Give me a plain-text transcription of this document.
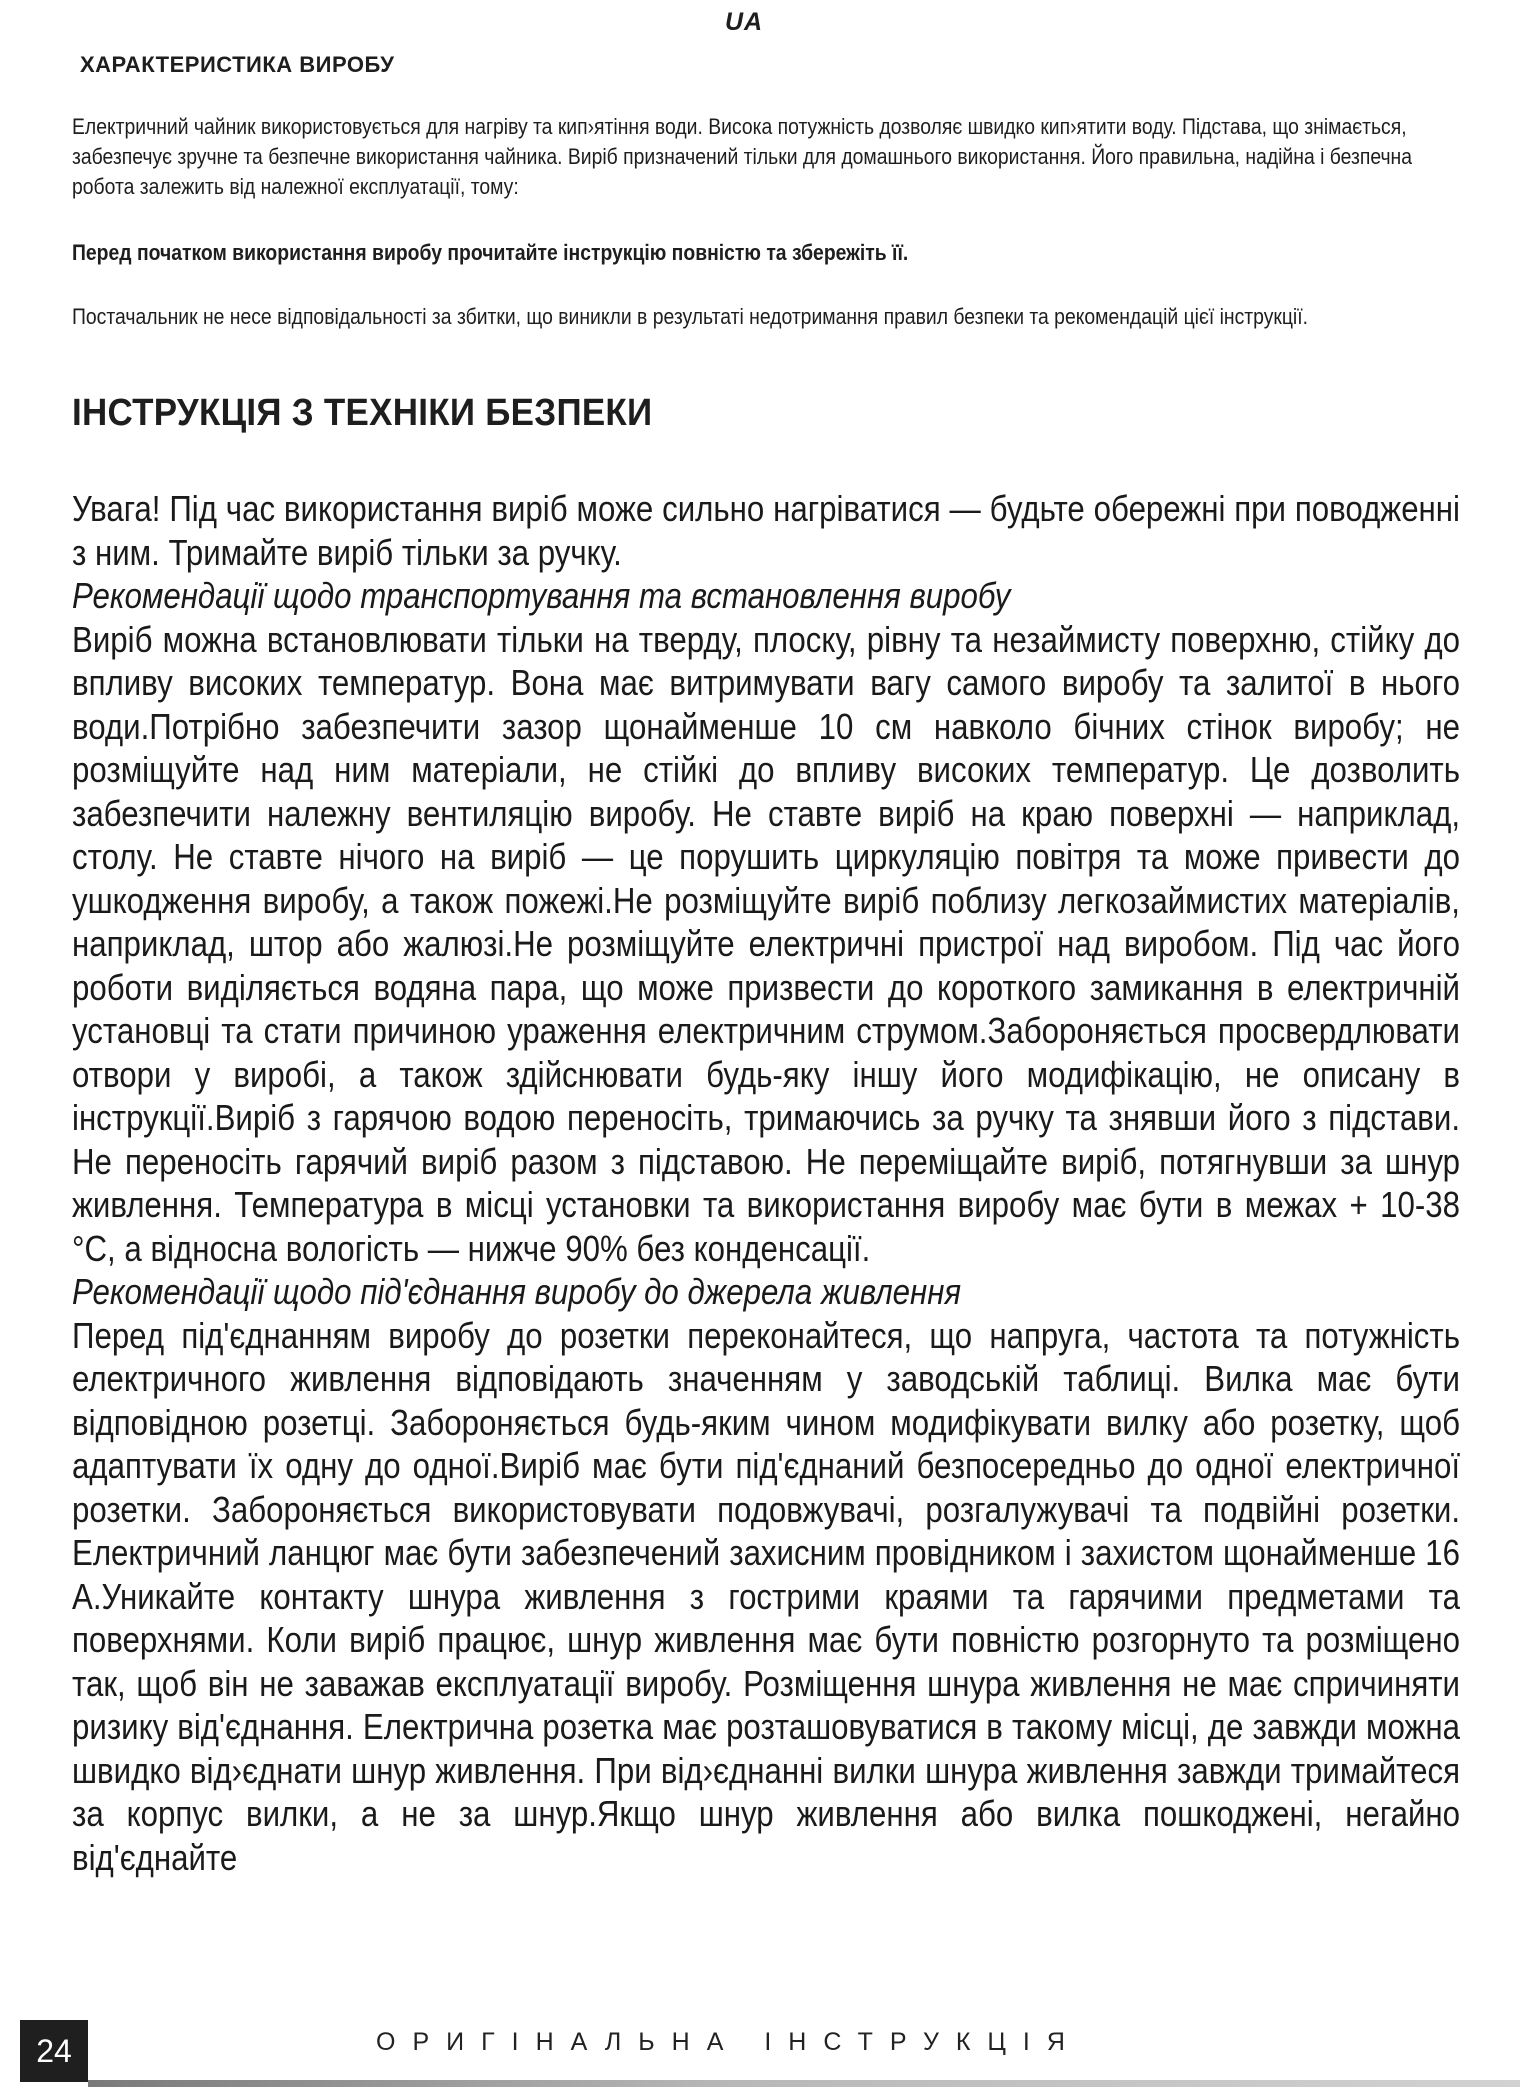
UA
ХАРАКТЕРИСТИКА ВИРОБУ

Електричний чайник використовується для нагріву та кип›ятіння води. Висока потужність дозволяє швидко кип›ятити воду. Підставa, що знімається, забезпечує зручне та безпечне використання чайника. Виріб призначений тільки для домашнього використання. Його правильна, надійна і безпечна робота залежить від належної експлуатації, тому:

Перед початком використання виробу прочитайте інструкцію повністю та збережіть її.

Постачальник не несе відповідальності за збитки, що виникли в результаті недотримання правил безпеки та рекомендацій цієї інструкції.

ІНСТРУКЦІЯ З ТЕХНІКИ БЕЗПЕКИ

Увага! Під час використання виріб може сильно нагріватися — будьте обережні при поводженні з ним. Тримайте виріб тільки за ручку.

Рекомендації щодо транспортування та встановлення виробу

Виріб можна встановлювати тільки на тверду, плоску, рівну та незаймисту поверхню, стійку до впливу високих температур. Вона має витримувати вагу самого виробу та залитої в нього води.Потрібно забезпечити зазор щонайменше 10 см навколо бічних стінок виробу; не розміщуйте над ним матеріали, не стійкі до впливу високих температур. Це дозволить забезпечити належну вентиляцію виробу. Не ставте виріб на краю поверхні — наприклад, столу. Не ставте нічого на виріб — це порушить циркуляцію повітря та може привести до ушкодження виробу, а також пожежі.Не розміщуйте виріб поблизу легкозаймистих матеріалів, наприклад, штор або жалюзі.Не розміщуйте електричні пристрої над виробом. Під час його роботи виділяється водяна пара, що може призвести до короткого замикання в електричній установці та стати причиною ураження електричним струмом.Забороняється просвердлювати отвори у виробі, а також здійснювати будь-яку іншу його модифікацію, не описану в інструкції.Виріб з гарячою водою переносіть, тримаючись за ручку та знявши його з підстави. Не переносіть гарячий виріб разом з підставою. Не переміщайте виріб, потягнувши за шнур живлення. Температура в місці установки та використання виробу має бути в межах + 10-38 °C, а відносна вологість — нижче 90% без конденсації.

Рекомендації щодо під'єднання виробу до джерела живлення

Перед під'єднанням виробу до розетки переконайтеся, що напруга, частота та потужність електричного живлення відповідають значенням у заводській таблиці. Вилка має бути відповідною розетці. Забороняється будь-яким чином модифікувати вилку або розетку, щоб адаптувати їх одну до одної.Виріб має бути під'єднаний безпосередньо до одної електричної розетки. Забороняється використовувати подовжувачі, розгалужувачі та подвійні розетки. Електричний ланцюг має бути забезпечений захисним провідником і захистом щонайменше 16 А.Уникайте контакту шнура живлення з гострими краями та гарячими предметами та поверхнями. Коли виріб працює, шнур живлення має бути повністю розгорнуто та розміщено так, щоб він не заважав експлуатації виробу. Розміщення шнура живлення не має спричиняти ризику від'єднання. Електрична розетка має розташовуватися в такому місці, де завжди можна швидко від›єднати шнур живлення. При від›єднанні вилки шнура живлення завжди тримайтеся за корпус вилки, а не за шнур.Якщо шнур живлення або вилка пошкоджені, негайно від'єднайте

24	ОРИГІНАЛЬНА ІНСТРУКЦІЯ
